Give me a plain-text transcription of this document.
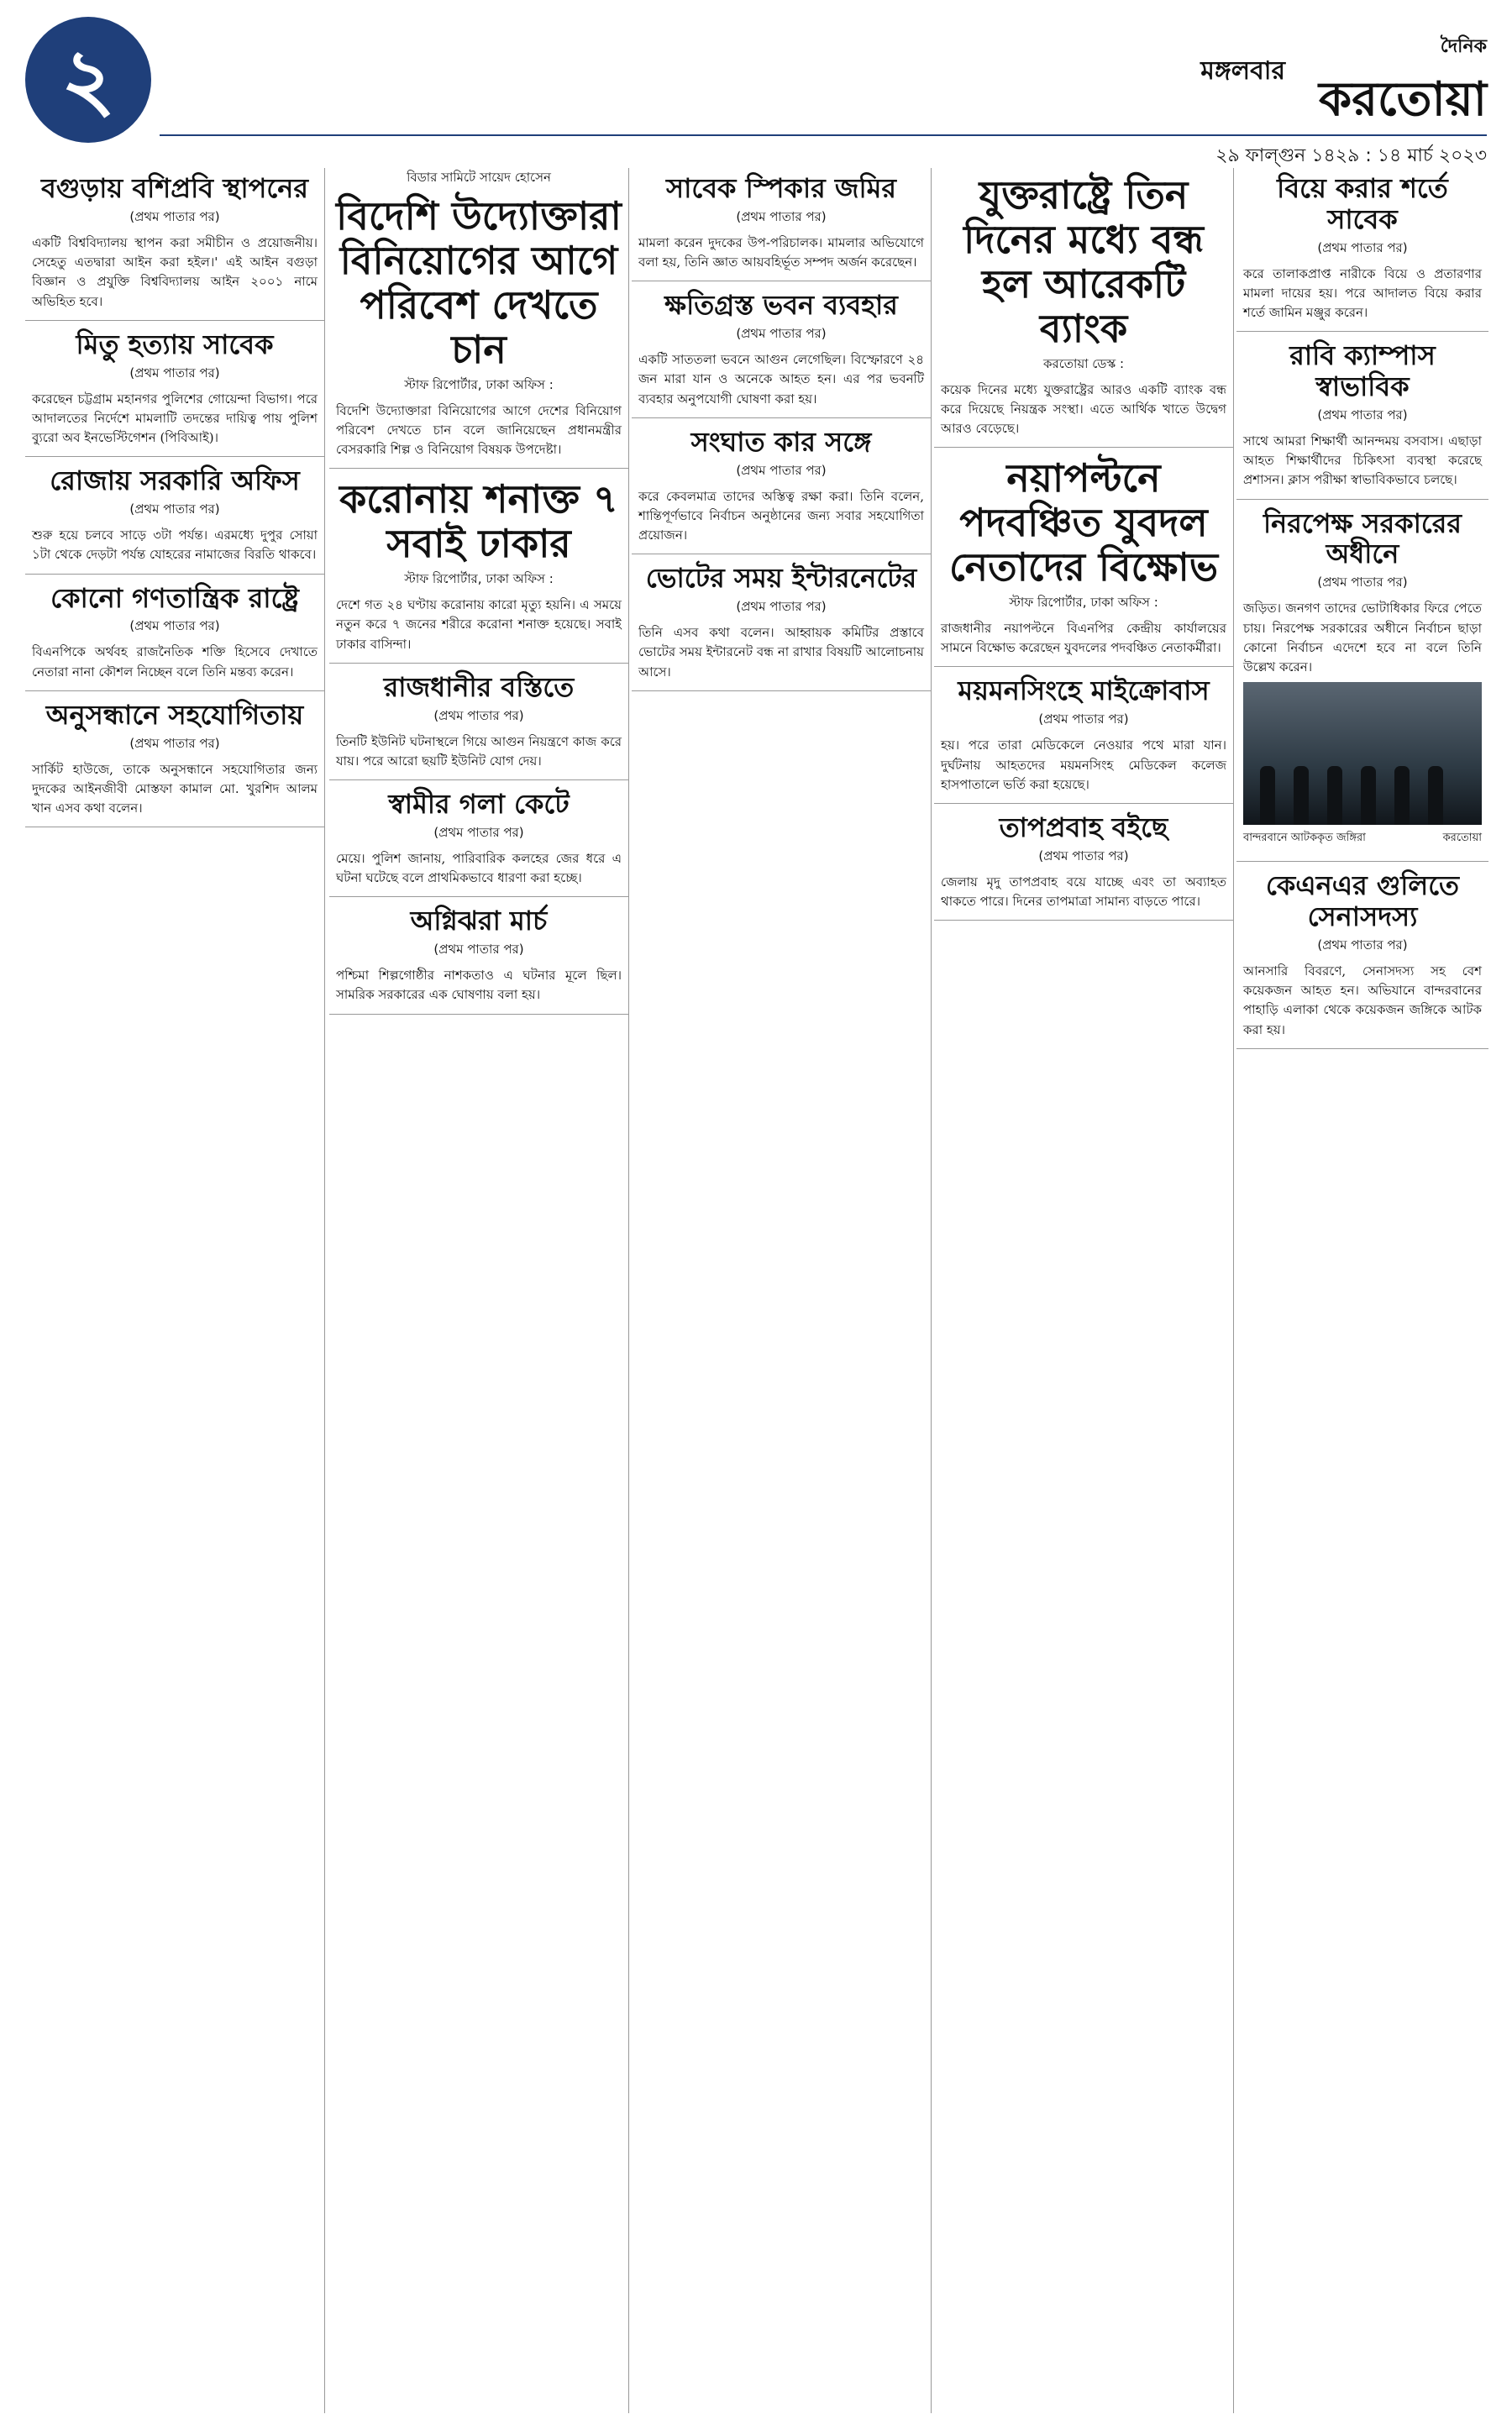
২	মঙ্গলবার
দৈনিক
করতোয়া
২৯ ফাল্গুন ১৪২৯ : ১৪ মার্চ ২০২৩
বগুড়ায় বশিপ্রবি স্থাপনের
(প্রথম পাতার পর)

একটি বিশ্ববিদ্যালয় স্থাপন করা সমীচীন ও প্রয়োজনীয়। সেহেতু এতদ্বারা আইন করা হইল।' এই আইন বগুড়া বিজ্ঞান ও প্রযুক্তি বিশ্ববিদ্যালয় আইন ২০০১ নামে অভিহিত হবে।

মিতু হত্যায় সাবেক
(প্রথম পাতার পর)

করেছেন চট্টগ্রাম মহানগর পুলিশের গোয়েন্দা বিভাগ। পরে আদালতের নির্দেশে মামলাটি তদন্তের দায়িত্ব পায় পুলিশ ব্যুরো অব ইনভেস্টিগেশন (পিবিআই)।

রোজায় সরকারি অফিস
(প্রথম পাতার পর)

শুরু হয়ে চলবে সাড়ে ৩টা পর্যন্ত। এরমধ্যে দুপুর সোয়া ১টা থেকে দেড়টা পর্যন্ত যোহরের নামাজের বিরতি থাকবে।

কোনো গণতান্ত্রিক রাষ্ট্রে
(প্রথম পাতার পর)

বিএনপিকে অর্থবহ রাজনৈতিক শক্তি হিসেবে দেখাতে নেতারা নানা কৌশল নিচ্ছেন বলে তিনি মন্তব্য করেন।

অনুসন্ধানে সহযোগিতায়
(প্রথম পাতার পর)

সার্কিট হাউজে, তাকে অনুসন্ধানে সহযোগিতার জন্য দুদকের আইনজীবী মোস্তফা কামাল মো. খুরশিদ আলম খান এসব কথা বলেন।

বিডার সামিটে সায়েদ হোসেন
বিদেশি উদ্যোক্তারা বিনিয়োগের আগে পরিবেশ দেখতে চান
স্টাফ রিপোর্টার, ঢাকা অফিস :

বিদেশি উদ্যোক্তারা বিনিয়োগের আগে দেশের বিনিয়োগ পরিবেশ দেখতে চান বলে জানিয়েছেন প্রধানমন্ত্রীর বেসরকারি শিল্প ও বিনিয়োগ বিষয়ক উপদেষ্টা।

করোনায় শনাক্ত ৭ সবাই ঢাকার
স্টাফ রিপোর্টার, ঢাকা অফিস :

দেশে গত ২৪ ঘণ্টায় করোনায় কারো মৃত্যু হয়নি। এ সময়ে নতুন করে ৭ জনের শরীরে করোনা শনাক্ত হয়েছে। সবাই ঢাকার বাসিন্দা।

রাজধানীর বস্তিতে
(প্রথম পাতার পর)

তিনটি ইউনিট ঘটনাস্থলে গিয়ে আগুন নিয়ন্ত্রণে কাজ করে যায়। পরে আরো ছয়টি ইউনিট যোগ দেয়।

স্বামীর গলা কেটে
(প্রথম পাতার পর)

মেয়ে। পুলিশ জানায়, পারিবারিক কলহের জের ধরে এ ঘটনা ঘটেছে বলে প্রাথমিকভাবে ধারণা করা হচ্ছে।

অগ্নিঝরা মার্চ
(প্রথম পাতার পর)

পশ্চিমা শিল্পগোষ্ঠীর নাশকতাও এ ঘটনার মূলে ছিল। সামরিক সরকারের এক ঘোষণায় বলা হয়।

সাবেক স্পিকার জমির
(প্রথম পাতার পর)

মামলা করেন দুদকের উপ-পরিচালক। মামলার অভিযোগে বলা হয়, তিনি জ্ঞাত আয়বহির্ভূত সম্পদ অর্জন করেছেন।

ক্ষতিগ্রস্ত ভবন ব্যবহার
(প্রথম পাতার পর)

একটি সাততলা ভবনে আগুন লেগেছিল। বিস্ফোরণে ২৪ জন মারা যান ও অনেকে আহত হন। এর পর ভবনটি ব্যবহার অনুপযোগী ঘোষণা করা হয়।

সংঘাত কার সঙ্গে
(প্রথম পাতার পর)

করে কেবলমাত্র তাদের অস্তিত্ব রক্ষা করা। তিনি বলেন, শান্তিপূর্ণভাবে নির্বাচন অনুষ্ঠানের জন্য সবার সহযোগিতা প্রয়োজন।

ভোটের সময় ইন্টারনেটের
(প্রথম পাতার পর)

তিনি এসব কথা বলেন। আহ্বায়ক কমিটির প্রস্তাবে ভোটের সময় ইন্টারনেট বন্ধ না রাখার বিষয়টি আলোচনায় আসে।

যুক্তরাষ্ট্রে তিন দিনের মধ্যে বন্ধ হল আরেকটি ব্যাংক
করতোয়া ডেস্ক :

কয়েক দিনের মধ্যে যুক্তরাষ্ট্রের আরও একটি ব্যাংক বন্ধ করে দিয়েছে নিয়ন্ত্রক সংস্থা। এতে আর্থিক খাতে উদ্বেগ আরও বেড়েছে।

নয়াপল্টনে পদবঞ্চিত যুবদল নেতাদের বিক্ষোভ
স্টাফ রিপোর্টার, ঢাকা অফিস :

রাজধানীর নয়াপল্টনে বিএনপির কেন্দ্রীয় কার্যালয়ের সামনে বিক্ষোভ করেছেন যুবদলের পদবঞ্চিত নেতাকর্মীরা।

ময়মনসিংহে মাইক্রোবাস
(প্রথম পাতার পর)

হয়। পরে তারা মেডিকেলে নেওয়ার পথে মারা যান। দুর্ঘটনায় আহতদের ময়মনসিংহ মেডিকেল কলেজ হাসপাতালে ভর্তি করা হয়েছে।

তাপপ্রবাহ বইছে
(প্রথম পাতার পর)

জেলায় মৃদু তাপপ্রবাহ বয়ে যাচ্ছে এবং তা অব্যাহত থাকতে পারে। দিনের তাপমাত্রা সামান্য বাড়তে পারে।

বিয়ে করার শর্তে সাবেক
(প্রথম পাতার পর)

করে তালাকপ্রাপ্ত নারীকে বিয়ে ও প্রতারণার মামলা দায়ের হয়। পরে আদালত বিয়ে করার শর্তে জামিন মঞ্জুর করেন।

রাবি ক্যাম্পাস স্বাভাবিক
(প্রথম পাতার পর)

সাথে আমরা শিক্ষার্থী আনন্দময় বসবাস। এছাড়া আহত শিক্ষার্থীদের চিকিৎসা ব্যবস্থা করেছে প্রশাসন। ক্লাস পরীক্ষা স্বাভাবিকভাবে চলছে।

নিরপেক্ষ সরকারের অধীনে
(প্রথম পাতার পর)

জড়িত। জনগণ তাদের ভোটাধিকার ফিরে পেতে চায়। নিরপেক্ষ সরকারের অধীনে নির্বাচন ছাড়া কোনো নির্বাচন এদেশে হবে না বলে তিনি উল্লেখ করেন।

বান্দরবানে আটককৃত জঙ্গিরা	করতোয়া
কেএনএর গুলিতে সেনাসদস্য
(প্রথম পাতার পর)

আনসারি বিবরণে, সেনাসদস্য সহ বেশ কয়েকজন আহত হন। অভিযানে বান্দরবানের পাহাড়ি এলাকা থেকে কয়েকজন জঙ্গিকে আটক করা হয়।
